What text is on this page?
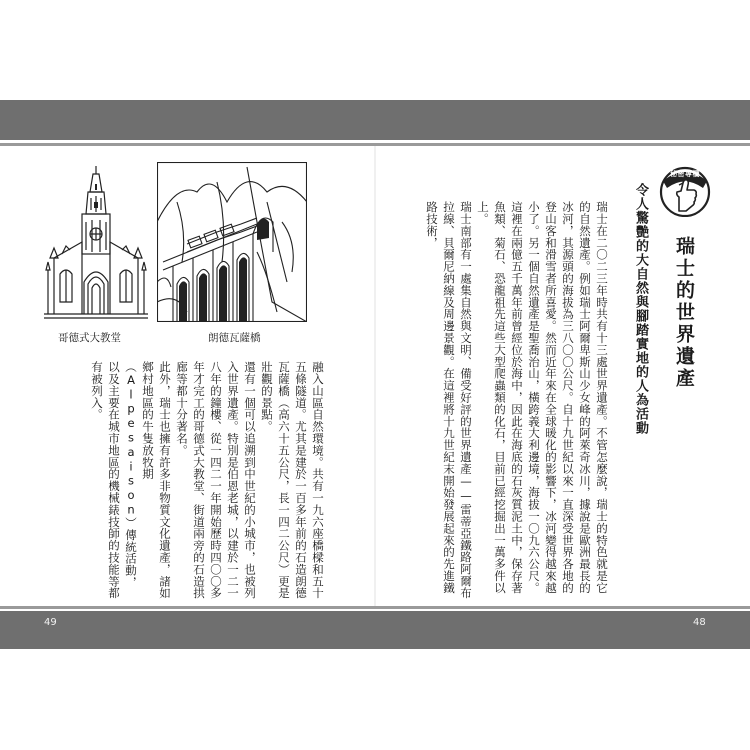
49	48
秘密專欄
瑞士的世界遺產
令人驚艷的大自然與腳踏實地的人為活動

瑞士在二〇二三年時共有十三處世界遺產。不管怎麼說，瑞士的特色就是它的自然遺產。例如瑞士阿爾卑斯山少女峰的阿萊奇冰川，據說是歐洲最長的冰河，其源頭的海拔為三八〇〇公尺。自十九世紀以來一直深受世界各地的登山客和滑雪者所喜愛。然而近年來在全球暖化的影響下，冰河變得越來越小了。另一個自然遺產是聖喬治山，橫跨義大利邊境，海拔一〇九六公尺。這裡在兩億五千萬年前曾經位於海中，因此在海底的石灰質泥土中，保存著魚類、菊石、恐龍祖先這些大型爬蟲類的化石，目前已經挖掘出一萬多件以上。

瑞士南部有一處集自然與文明、備受好評的世界遺產——雷蒂亞鐵路阿爾布拉線、貝爾尼納線及周邊景觀。在這裡將十九世紀末開始發展起來的先進鐵路技術，

哥德式大教堂	朗德瓦薩橋

融入山區自然環境。共有一九六座橋樑和五十五條隧道。尤其是建於一百多年前的石造朗德瓦薩橋（高六十五公尺，長一四二公尺）更是壯觀的景點。

還有一個可以追溯到中世紀的小城市，也被列入世界遺產。特別是伯恩老城，以建於一二一八年的鐘樓、從一四二一年開始歷時四〇〇多年才完工的哥德式大教堂、街道兩旁的石造拱廊等都十分著名。

此外，瑞士也擁有許多非物質文化遺產，諸如鄉村地區的牛隻放牧期（Alpesaison）傳統活動，以及主要在城市地區的機械錶技師的技能等都有被列入。
